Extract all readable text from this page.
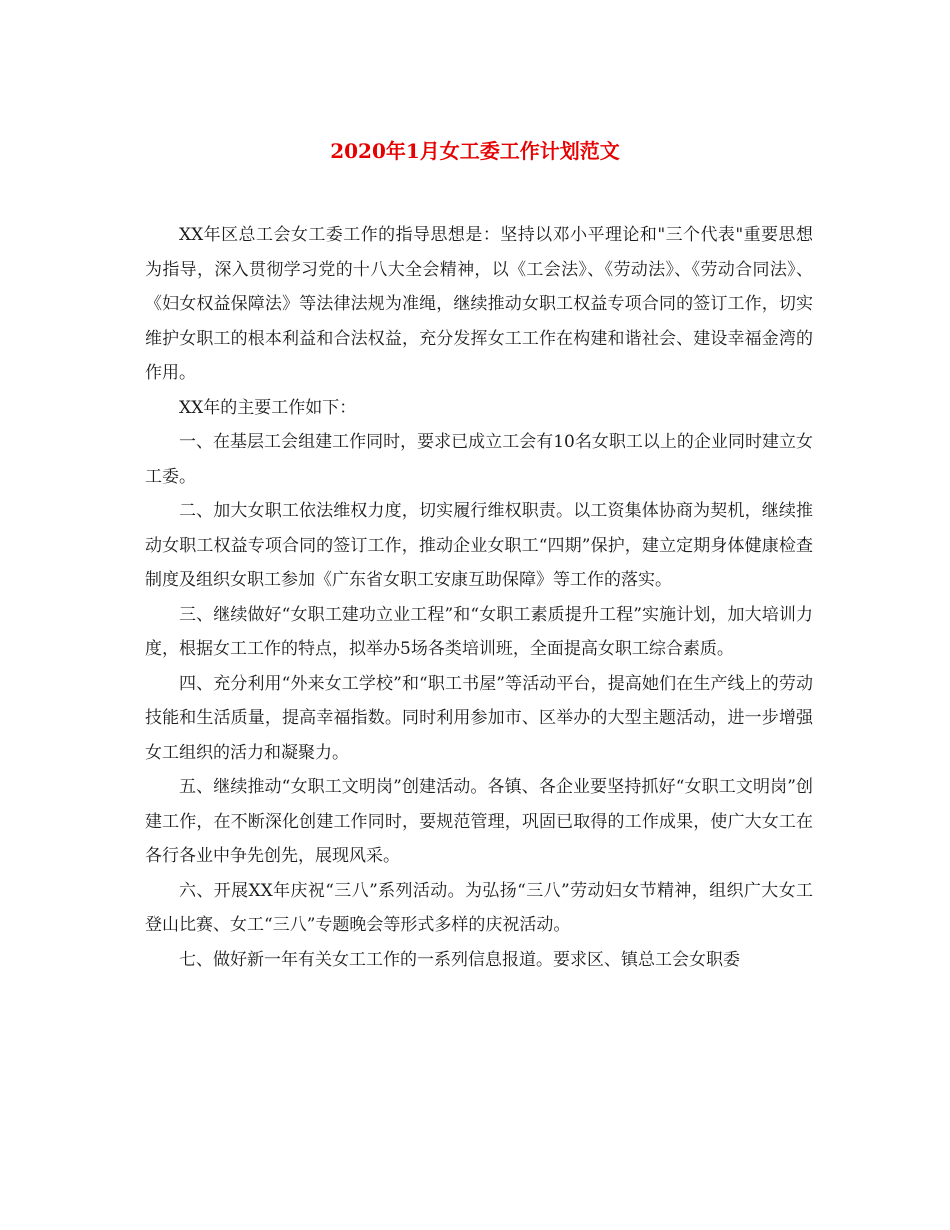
2020年1月女工委工作计划范文

XX年区总工会女工委工作的指导思想是：坚持以邓小平理论和"三个代表"重要思想为指导，深入贯彻学习党的十八大全会精神，以《工会法》、《劳动法》、《劳动合同法》、《妇女权益保障法》等法律法规为准绳，继续推动女职工权益专项合同的签订工作，切实维护女职工的根本利益和合法权益，充分发挥女工工作在构建和谐社会、建设幸福金湾的作用。

XX年的主要工作如下：

一、在基层工会组建工作同时，要求已成立工会有10名女职工以上的企业同时建立女工委。

二、加大女职工依法维权力度，切实履行维权职责。以工资集体协商为契机，继续推动女职工权益专项合同的签订工作，推动企业女职工“四期”保护，建立定期身体健康检查制度及组织女职工参加《广东省女职工安康互助保障》等工作的落实。

三、继续做好“女职工建功立业工程”和“女职工素质提升工程”实施计划，加大培训力度，根据女工工作的特点，拟举办5场各类培训班，全面提高女职工综合素质。

四、充分利用“外来女工学校”和“职工书屋”等活动平台，提高她们在生产线上的劳动技能和生活质量，提高幸福指数。同时利用参加市、区举办的大型主题活动，进一步增强女工组织的活力和凝聚力。

五、继续推动“女职工文明岗”创建活动。各镇、各企业要坚持抓好“女职工文明岗”创建工作，在不断深化创建工作同时，要规范管理，巩固已取得的工作成果，使广大女工在各行各业中争先创先，展现风采。

六、开展XX年庆祝“三八”系列活动。为弘扬“三八”劳动妇女节精神，组织广大女工登山比赛、女工“三八”专题晚会等形式多样的庆祝活动。

七、做好新一年有关女工工作的一系列信息报道。要求区、镇总工会女职委
